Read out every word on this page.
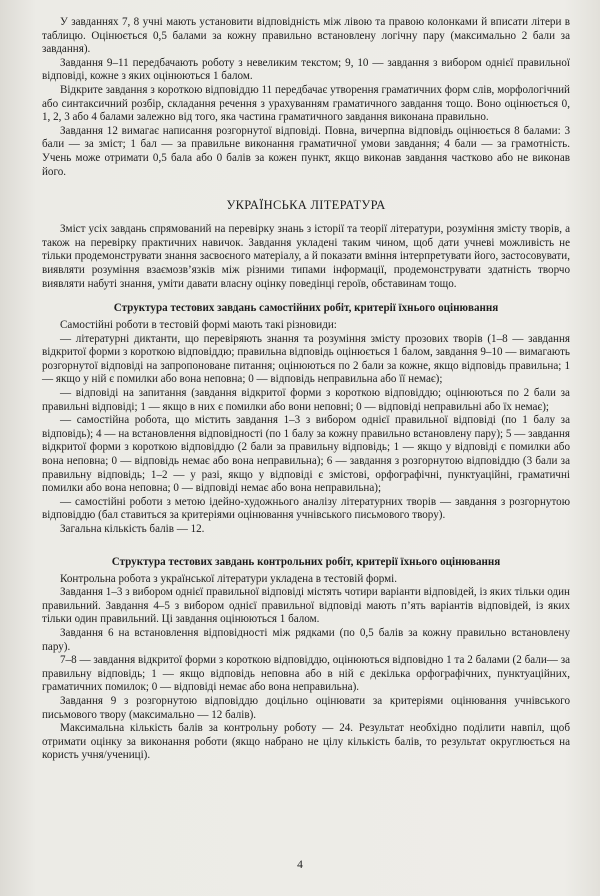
У завданнях 7, 8 учні мають установити відповідність між лівою та правою колонками й вписати літери в таблицю. Оцінюється 0,5 балами за кожну правильно встановлену логічну пару (максимально 2 бали за завдання).

Завдання 9–11 передбачають роботу з невеликим текстом; 9, 10 — завдання з вибором однієї правильної відповіді, кожне з яких оцінюються 1 балом.

Відкрите завдання з короткою відповіддю 11 передбачає утворення граматичних форм слів, морфологічний або синтаксичний розбір, складання речення з урахуванням граматичного завдання тощо. Воно оцінюється 0, 1, 2, 3 або 4 балами залежно від того, яка частина граматичного завдання виконана правильно.

Завдання 12 вимагає написання розгорнутої відповіді. Повна, вичерпна відповідь оцінюється 8 балами: 3 бали — за зміст; 1 бал — за правильне виконання граматичної умови завдання; 4 бали — за грамотність. Учень може отримати 0,5 бала або 0 балів за кожен пункт, якщо виконав завдання частково або не виконав його.

УКРАЇНСЬКА ЛІТЕРАТУРА

Зміст усіх завдань спрямований на перевірку знань з історії та теорії літератури, розуміння змісту творів, а також на перевірку практичних навичок. Завдання укладені таким чином, щоб дати учневі можливість не тільки продемонструвати знання засвоєного матеріалу, а й показати вміння інтерпретувати його, застосовувати, виявляти розуміння взаємозв’язків між різними типами інформації, продемонструвати здатність творчо виявляти набуті знання, уміти давати власну оцінку поведінці героїв, обставинам тощо.

Структура тестових завдань самостійних робіт, критерії їхнього оцінювання

Самостійні роботи в тестовій формі мають такі різновиди:

— літературні диктанти, що перевіряють знання та розуміння змісту прозових творів (1–8 — завдання відкритої форми з короткою відповіддю; правильна відповідь оцінюється 1 балом, завдання 9–10 — вимагають розгорнутої відповіді на запропоноване питання; оцінюються по 2 бали за кожне, якщо відповідь правильна; 1 — якщо у ній є помилки або вона неповна; 0 — відповідь неправильна або її немає);

— відповіді на запитання (завдання відкритої форми з короткою відповіддю; оцінюються по 2 бали за правильні відповіді; 1 — якщо в них є помилки або вони неповні; 0 — відповіді неправильні або їх немає);

— самостійна робота, що містить завдання 1–3 з вибором однієї правильної відповіді (по 1 балу за відповідь); 4 — на встановлення відповідності (по 1 балу за кожну правильно встановлену пару); 5 — завдання відкритої форми з короткою відповіддю (2 бали за правильну відповідь; 1 — якщо у відповіді є помилки або вона неповна; 0 — відповідь немає або вона неправильна); 6 — завдання з розгорнутою відповіддю (3 бали за правильну відповідь; 1–2 — у разі, якщо у відповіді є змістові, орфографічні, пунктуаційні, граматичні помилки або вона неповна; 0 — відповіді немає або вона неправильна);

— самостійні роботи з метою ідейно-художнього аналізу літературних творів — завдання з розгорнутою відповіддю (бал ставиться за критеріями оцінювання учнівського письмового твору).

Загальна кількість балів — 12.

Структура тестових завдань контрольних робіт, критерії їхнього оцінювання

Контрольна робота з української літератури укладена в тестовій формі.

Завдання 1–3 з вибором однієї правильної відповіді містять чотири варіанти відповідей, із яких тільки один правильний. Завдання 4–5 з вибором однієї правильної відповіді мають п’ять варіантів відповідей, із яких тільки один правильний. Ці завдання оцінюються 1 балом.

Завдання 6 на встановлення відповідності між рядками (по 0,5 балів за кожну правильно встановлену пару).

7–8 — завдання відкритої форми з короткою відповіддю, оцінюються відповідно 1 та 2 балами (2 бали— за правильну відповідь; 1 — якщо відповідь неповна або в ній є декілька орфографічних, пунктуаційних, граматичних помилок; 0 — відповіді немає або вона неправильна).

Завдання 9 з розгорнутою відповіддю доцільно оцінювати за критеріями оцінювання учнівського письмового твору (максимально — 12 балів).

Максимальна кількість балів за контрольну роботу — 24. Результат необхідно поділити навпіл, щоб отримати оцінку за виконання роботи (якщо набрано не цілу кількість балів, то результат округлюється на користь учня/учениці).

4
